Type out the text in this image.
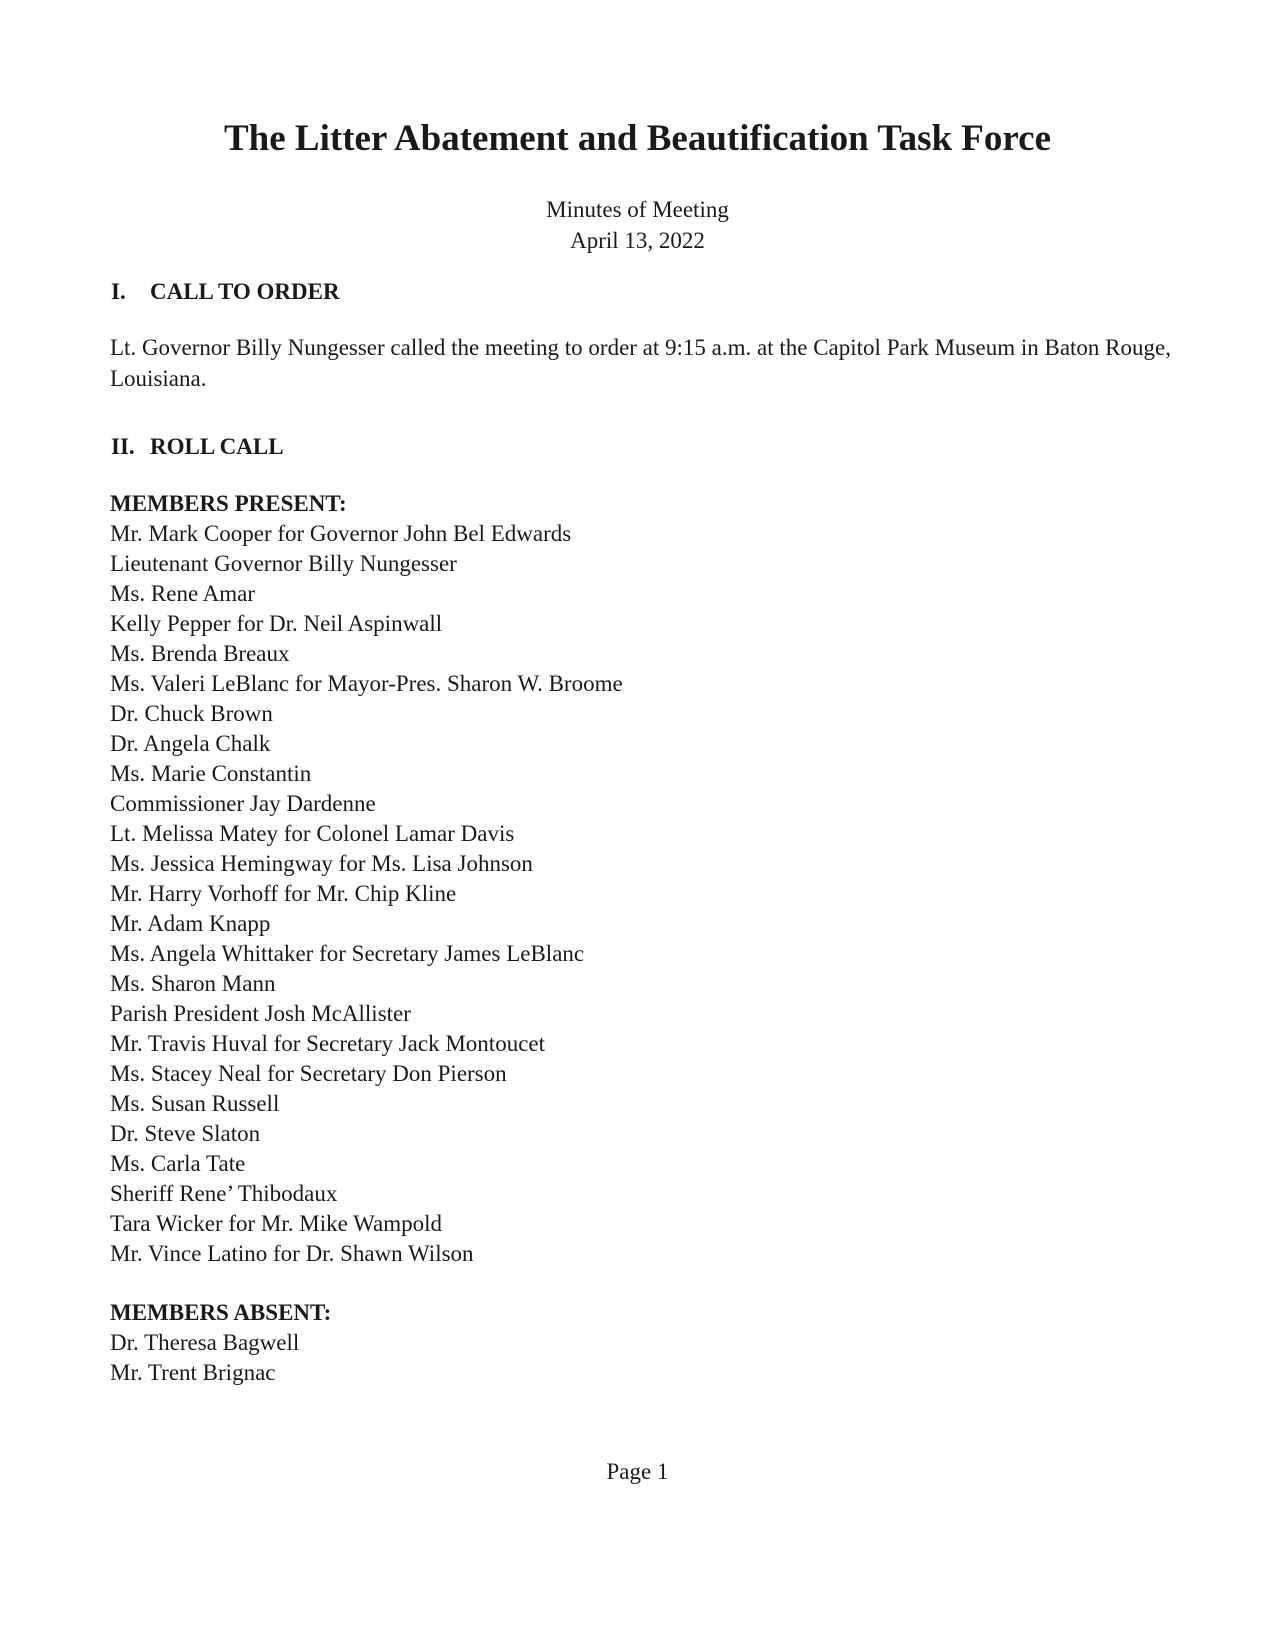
The Litter Abatement and Beautification Task Force
Minutes of Meeting
April 13, 2022
I. CALL TO ORDER

Lt. Governor Billy Nungesser called the meeting to order at 9:15 a.m. at the Capitol Park Museum in Baton Rouge, Louisiana.

II. ROLL CALL
MEMBERS PRESENT:
Mr. Mark Cooper for Governor John Bel Edwards
Lieutenant Governor Billy Nungesser
Ms. Rene Amar
Kelly Pepper for Dr. Neil Aspinwall
Ms. Brenda Breaux
Ms. Valeri LeBlanc for Mayor-Pres. Sharon W. Broome
Dr. Chuck Brown
Dr. Angela Chalk
Ms. Marie Constantin
Commissioner Jay Dardenne
Lt. Melissa Matey for Colonel Lamar Davis
Ms. Jessica Hemingway for Ms. Lisa Johnson
Mr. Harry Vorhoff for Mr. Chip Kline
Mr. Adam Knapp
Ms. Angela Whittaker for Secretary James LeBlanc
Ms. Sharon Mann
Parish President Josh McAllister
Mr. Travis Huval for Secretary Jack Montoucet
Ms. Stacey Neal for Secretary Don Pierson
Ms. Susan Russell
Dr. Steve Slaton
Ms. Carla Tate
Sheriff Rene’ Thibodaux
Tara Wicker for Mr. Mike Wampold
Mr. Vince Latino for Dr. Shawn Wilson
MEMBERS ABSENT:
Dr. Theresa Bagwell
Mr. Trent Brignac
Page 1
